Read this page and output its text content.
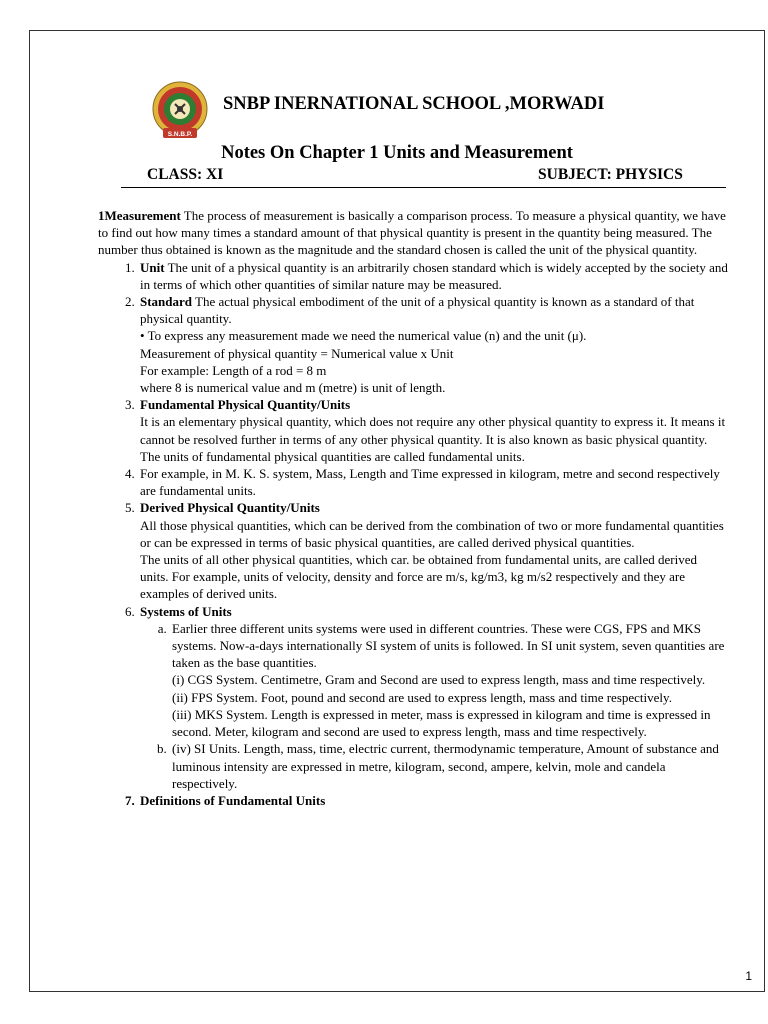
S.N.B.P.
SNBP INERNATIONAL SCHOOL ,MORWADI
Notes On Chapter 1 Units and Measurement
CLASS: XI	SUBJECT: PHYSICS

1Measurement The process of measurement is basically a comparison process. To measure a physical quantity, we have to find out how many times a standard amount of that physical quantity is present in the quantity being measured. The number thus obtained is known as the magnitude and the standard chosen is called the unit of the physical quantity.

1. Unit The unit of a physical quantity is an arbitrarily chosen standard which is widely accepted by the society and in terms of which other quantities of similar nature may be measured.
2. Standard The actual physical embodiment of the unit of a physical quantity is known as a standard of that physical quantity.
• To express any measurement made we need the numerical value (n) and the unit (μ).
Measurement of physical quantity = Numerical value x Unit
For example: Length of a rod = 8 m
where 8 is numerical value and m (metre) is unit of length.
3. Fundamental Physical Quantity/Units
It is an elementary physical quantity, which does not require any other physical quantity to express it. It means it cannot be resolved further in terms of any other physical quantity. It is also known as basic physical quantity.
The units of fundamental physical quantities are called fundamental units.
4. For example, in M. K. S. system, Mass, Length and Time expressed in kilogram, metre and second respectively are fundamental units.
5. Derived Physical Quantity/Units
All those physical quantities, which can be derived from the combination of two or more fundamental quantities or can be expressed in terms of basic physical quantities, are called derived physical quantities.
The units of all other physical quantities, which car. be obtained from fundamental units, are called derived units. For example, units of velocity, density and force are m/s, kg/m3, kg m/s2 respectively and they are examples of derived units.
6. Systems of Units
a. Earlier three different units systems were used in different countries. These were CGS, FPS and MKS systems. Now-a-days internationally SI system of units is followed. In SI unit system, seven quantities are taken as the base quantities.
(i) CGS System. Centimetre, Gram and Second are used to express length, mass and time respectively.
(ii) FPS System. Foot, pound and second are used to express length, mass and time respectively.
(iii) MKS System. Length is expressed in meter, mass is expressed in kilogram and time is expressed in second. Meter, kilogram and second are used to express length, mass and time respectively.
b. (iv) SI Units. Length, mass, time, electric current, thermodynamic temperature, Amount of substance and luminous intensity are expressed in metre, kilogram, second, ampere, kelvin, mole and candela respectively.
7. Definitions of Fundamental Units
1
